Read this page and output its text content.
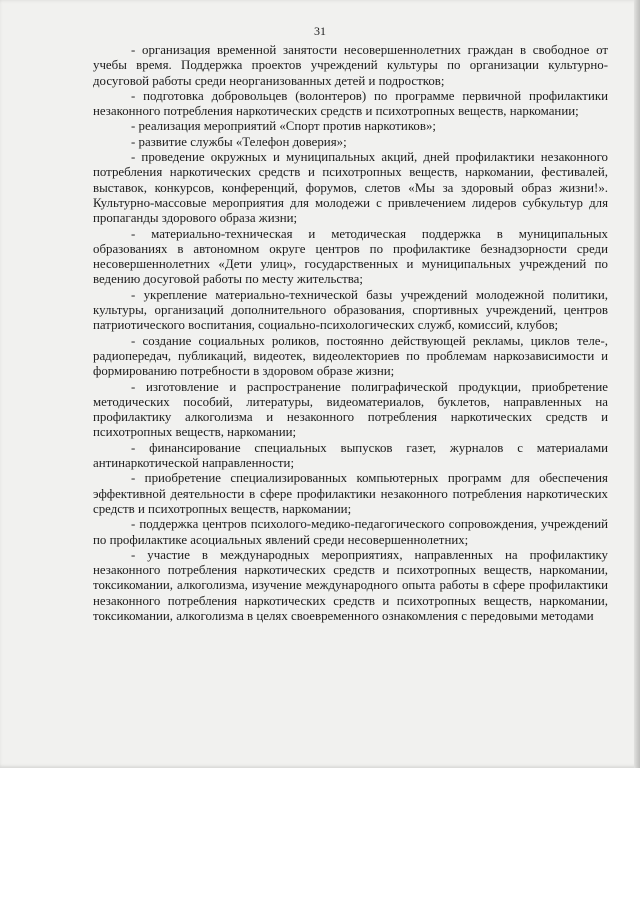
31

- организация временной занятости несовершеннолетних граждан в свободное от учебы время. Поддержка проектов учреждений культуры по организации культурно-досуговой работы среди неорганизованных детей и подростков;

- подготовка добровольцев (волонтеров) по программе первичной профилактики незаконного потребления наркотических средств и психотропных веществ, наркомании;

- реализация мероприятий «Спорт против наркотиков»;

- развитие службы «Телефон доверия»;

- проведение окружных и муниципальных акций, дней профилактики незаконного потребления наркотических средств и психотропных веществ, наркомании, фестивалей, выставок, конкурсов, конференций, форумов, слетов «Мы за здоровый образ жизни!». Культурно-массовые мероприятия для молодежи с привлечением лидеров субкультур для пропаганды здорового образа жизни;

- материально-техническая и методическая поддержка в муниципальных образованиях в автономном округе центров по профилактике безнадзорности среди несовершеннолетних «Дети улиц», государственных и муниципальных учреждений по ведению досуговой работы по месту жительства;

- укрепление материально-технической базы учреждений молодежной политики, культуры, организаций дополнительного образования, спортивных учреждений, центров патриотического воспитания, социально-психологических служб, комиссий, клубов;

- создание социальных роликов, постоянно действующей рекламы, циклов теле-, радиопередач, публикаций, видеотек, видеолекториев по проблемам наркозависимости и формированию потребности в здоровом образе жизни;

- изготовление и распространение полиграфической продукции, приобретение методических пособий, литературы, видеоматериалов, буклетов, направленных на профилактику алкоголизма и незаконного потребления наркотических средств и психотропных веществ, наркомании;

- финансирование специальных выпусков газет, журналов с материалами антинаркотической направленности;

- приобретение специализированных компьютерных программ для обеспечения эффективной деятельности в сфере профилактики незаконного потребления наркотических средств и психотропных веществ, наркомании;

- поддержка центров психолого-медико-педагогического сопровождения, учреждений по профилактике асоциальных явлений среди несовершеннолетних;

- участие в международных мероприятиях, направленных на профилактику незаконного потребления наркотических средств и психотропных веществ, наркомании, токсикомании, алкоголизма, изучение международного опыта работы в сфере профилактики незаконного потребления наркотических средств и психотропных веществ, наркомании, токсикомании, алкоголизма в целях своевременного ознакомления с передовыми методами
